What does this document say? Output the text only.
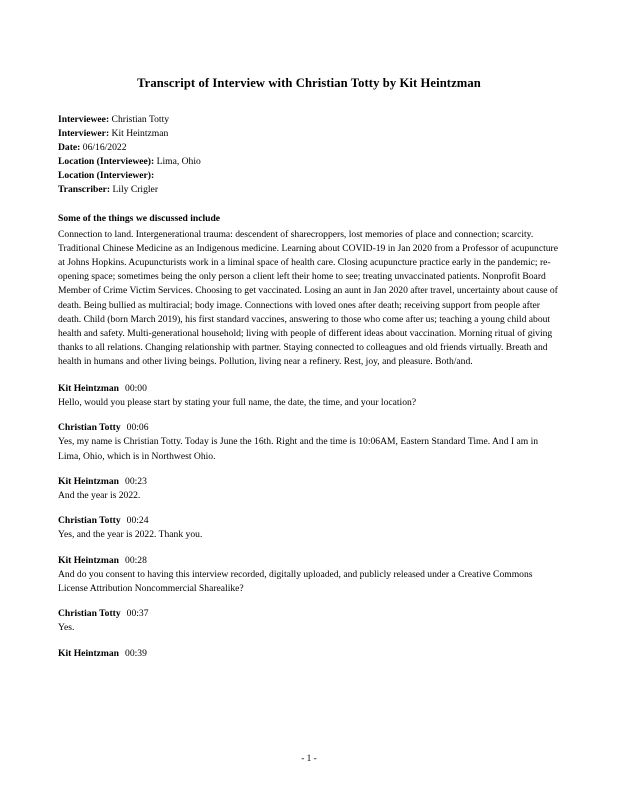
Transcript of Interview with Christian Totty by Kit Heintzman
Interviewee: Christian Totty
Interviewer: Kit Heintzman
Date: 06/16/2022
Location (Interviewee): Lima, Ohio
Location (Interviewer):
Transcriber: Lily Crigler
Some of the things we discussed include
Connection to land. Intergenerational trauma: descendent of sharecroppers, lost memories of place and connection; scarcity. Traditional Chinese Medicine as an Indigenous medicine. Learning about COVID-19 in Jan 2020 from a Professor of acupuncture at Johns Hopkins. Acupuncturists work in a liminal space of health care. Closing acupuncture practice early in the pandemic; re-opening space; sometimes being the only person a client left their home to see; treating unvaccinated patients. Nonprofit Board Member of Crime Victim Services. Choosing to get vaccinated. Losing an aunt in Jan 2020 after travel, uncertainty about cause of death. Being bullied as multiracial; body image. Connections with loved ones after death; receiving support from people after death. Child (born March 2019), his first standard vaccines, answering to those who come after us; teaching a young child about health and safety. Multi-generational household; living with people of different ideas about vaccination. Morning ritual of giving thanks to all relations. Changing relationship with partner. Staying connected to colleagues and old friends virtually. Breath and health in humans and other living beings. Pollution, living near a refinery. Rest, joy, and pleasure. Both/and.
Kit Heintzman 00:00
Hello, would you please start by stating your full name, the date, the time, and your location?
Christian Totty 00:06
Yes, my name is Christian Totty. Today is June the 16th. Right and the time is 10:06AM, Eastern Standard Time. And I am in Lima, Ohio, which is in Northwest Ohio.
Kit Heintzman 00:23
And the year is 2022.
Christian Totty 00:24
Yes, and the year is 2022. Thank you.
Kit Heintzman 00:28
And do you consent to having this interview recorded, digitally uploaded, and publicly released under a Creative Commons License Attribution Noncommercial Sharealike?
Christian Totty 00:37
Yes.
Kit Heintzman 00:39
- 1 -
